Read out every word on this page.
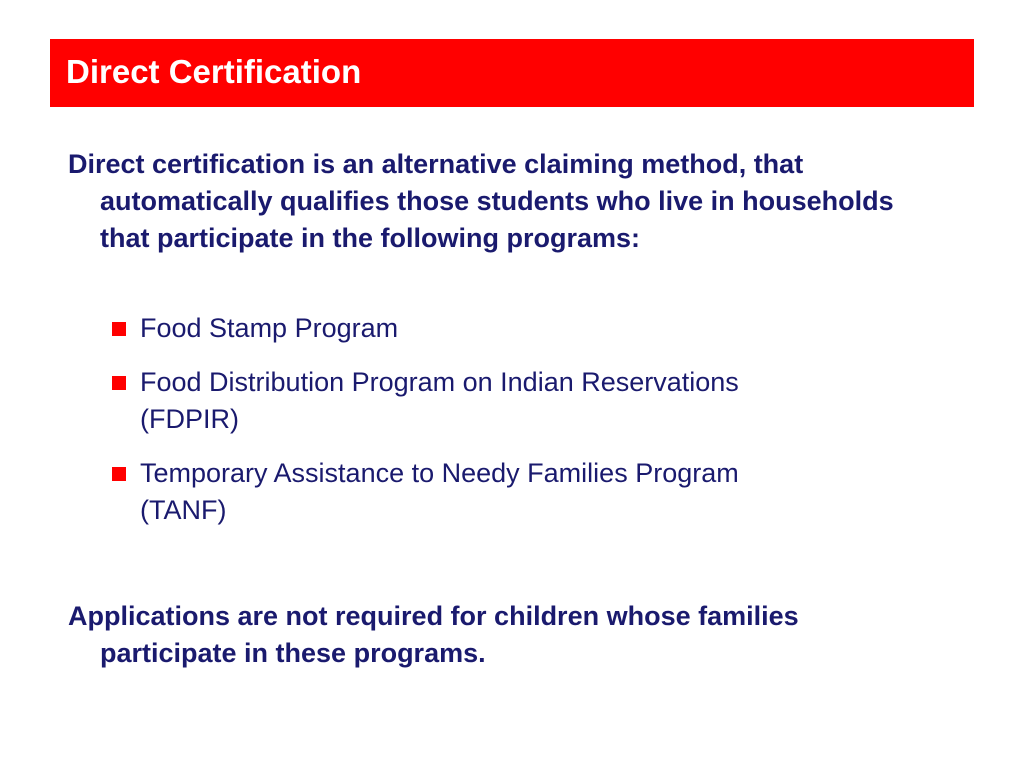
Direct Certification
Direct certification is an alternative claiming method, that automatically qualifies those students who live in households that participate in the following programs:
Food Stamp Program
Food Distribution Program on Indian Reservations (FDPIR)
Temporary Assistance to Needy Families Program (TANF)
Applications are not required for children whose families participate in these programs.
